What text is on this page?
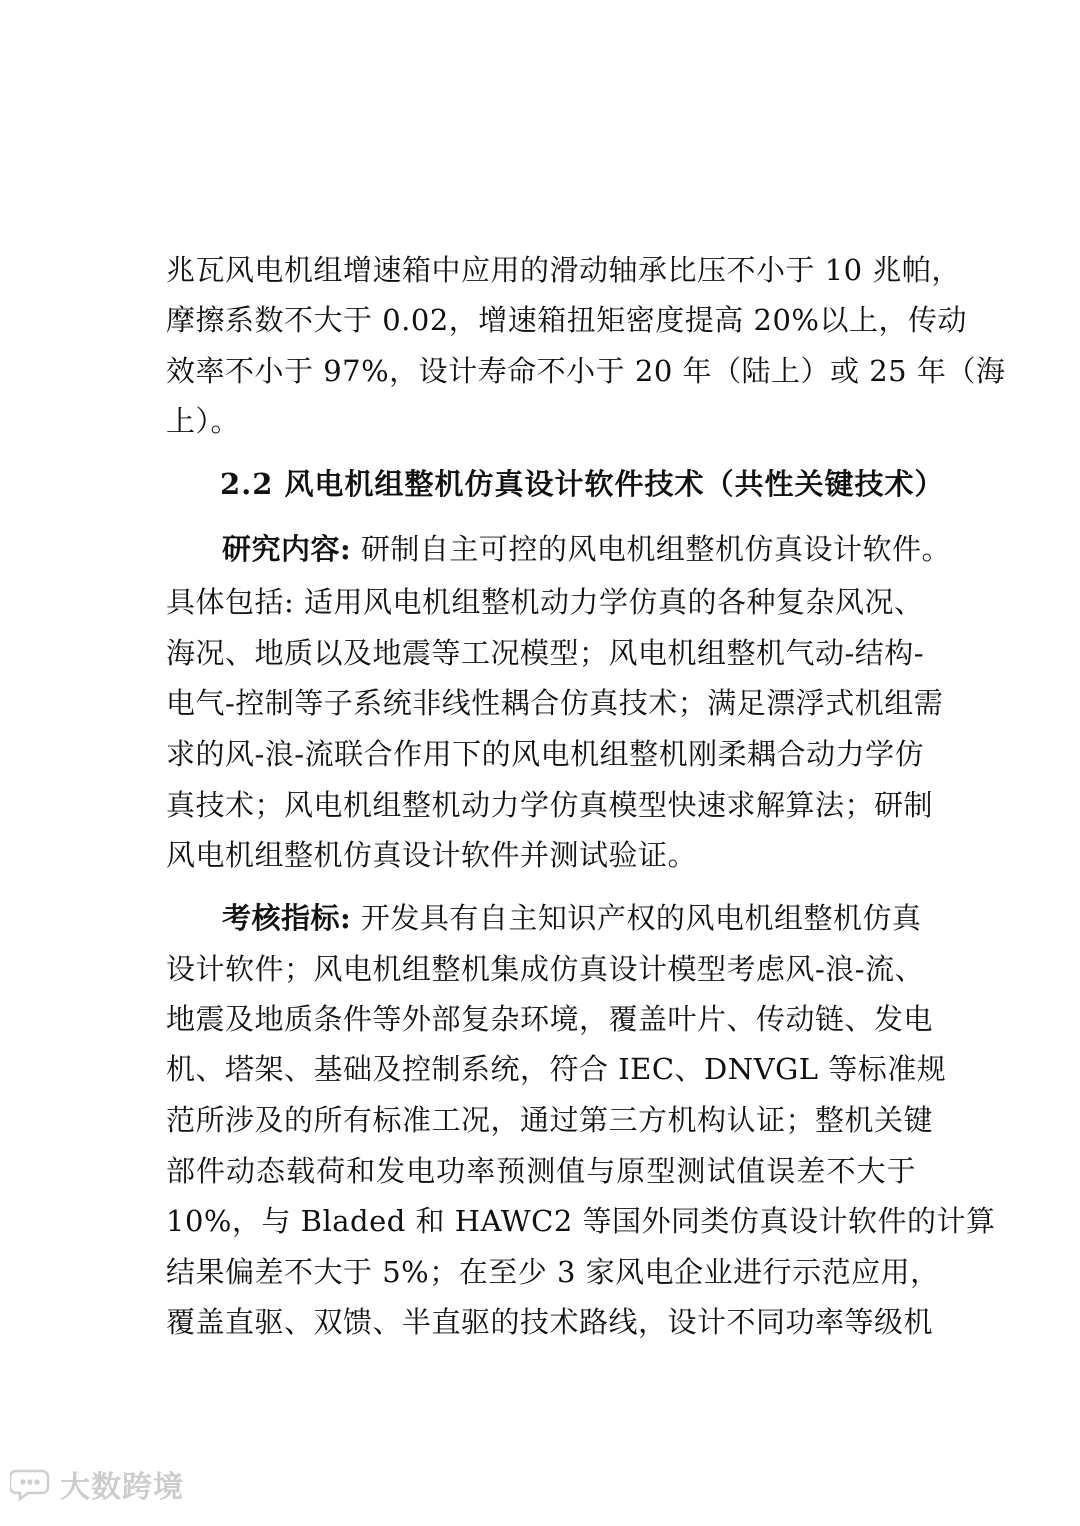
兆瓦风电机组增速箱中应用的滑动轴承比压不小于 10 兆帕，
摩擦系数不大于 0.02，增速箱扭矩密度提高 20%以上，传动
效率不小于 97%，设计寿命不小于 20 年（陆上）或 25 年（海
上）。
2.2 风电机组整机仿真设计软件技术（共性关键技术）
研究内容: 研制自主可控的风电机组整机仿真设计软件。
具体包括: 适用风电机组整机动力学仿真的各种复杂风况、
海况、地质以及地震等工况模型；风电机组整机气动-结构-
电气-控制等子系统非线性耦合仿真技术；满足漂浮式机组需
求的风-浪-流联合作用下的风电机组整机刚柔耦合动力学仿
真技术；风电机组整机动力学仿真模型快速求解算法；研制
风电机组整机仿真设计软件并测试验证。
考核指标: 开发具有自主知识产权的风电机组整机仿真
设计软件；风电机组整机集成仿真设计模型考虑风-浪-流、
地震及地质条件等外部复杂环境，覆盖叶片、传动链、发电
机、塔架、基础及控制系统，符合 IEC、DNVGL 等标准规
范所涉及的所有标准工况，通过第三方机构认证；整机关键
部件动态载荷和发电功率预测值与原型测试值误差不大于
10%，与 Bladed 和 HAWC2 等国外同类仿真设计软件的计算
结果偏差不大于 5%；在至少 3 家风电企业进行示范应用，
覆盖直驱、双馈、半直驱的技术路线，设计不同功率等级机
大数跨境
